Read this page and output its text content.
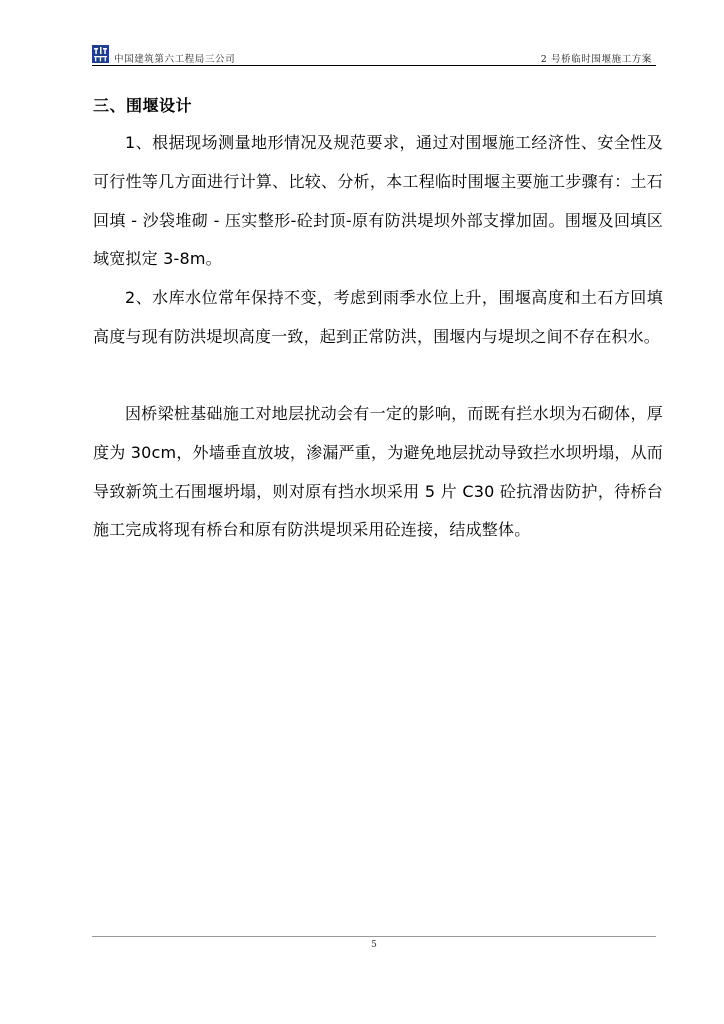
中国建筑第六工程局三公司	2 号桥临时围堰施工方案
三、围堰设计

1、根据现场测量地形情况及规范要求，通过对围堰施工经济性、安全性及可行性等几方面进行计算、比较、分析，本工程临时围堰主要施工步骤有：土石回填 - 沙袋堆砌 - 压实整形-砼封顶-原有防洪堤坝外部支撑加固。围堰及回填区域宽拟定 3-8m。

2、水库水位常年保持不变，考虑到雨季水位上升，围堰高度和土石方回填高度与现有防洪堤坝高度一致，起到正常防洪，围堰内与堤坝之间不存在积水。

因桥梁桩基础施工对地层扰动会有一定的影响，而既有拦水坝为石砌体，厚度为 30cm，外墙垂直放坡，渗漏严重，为避免地层扰动导致拦水坝坍塌，从而导致新筑土石围堰坍塌，则对原有挡水坝采用 5 片 C30 砼抗滑齿防护，待桥台施工完成将现有桥台和原有防洪堤坝采用砼连接，结成整体。

5
